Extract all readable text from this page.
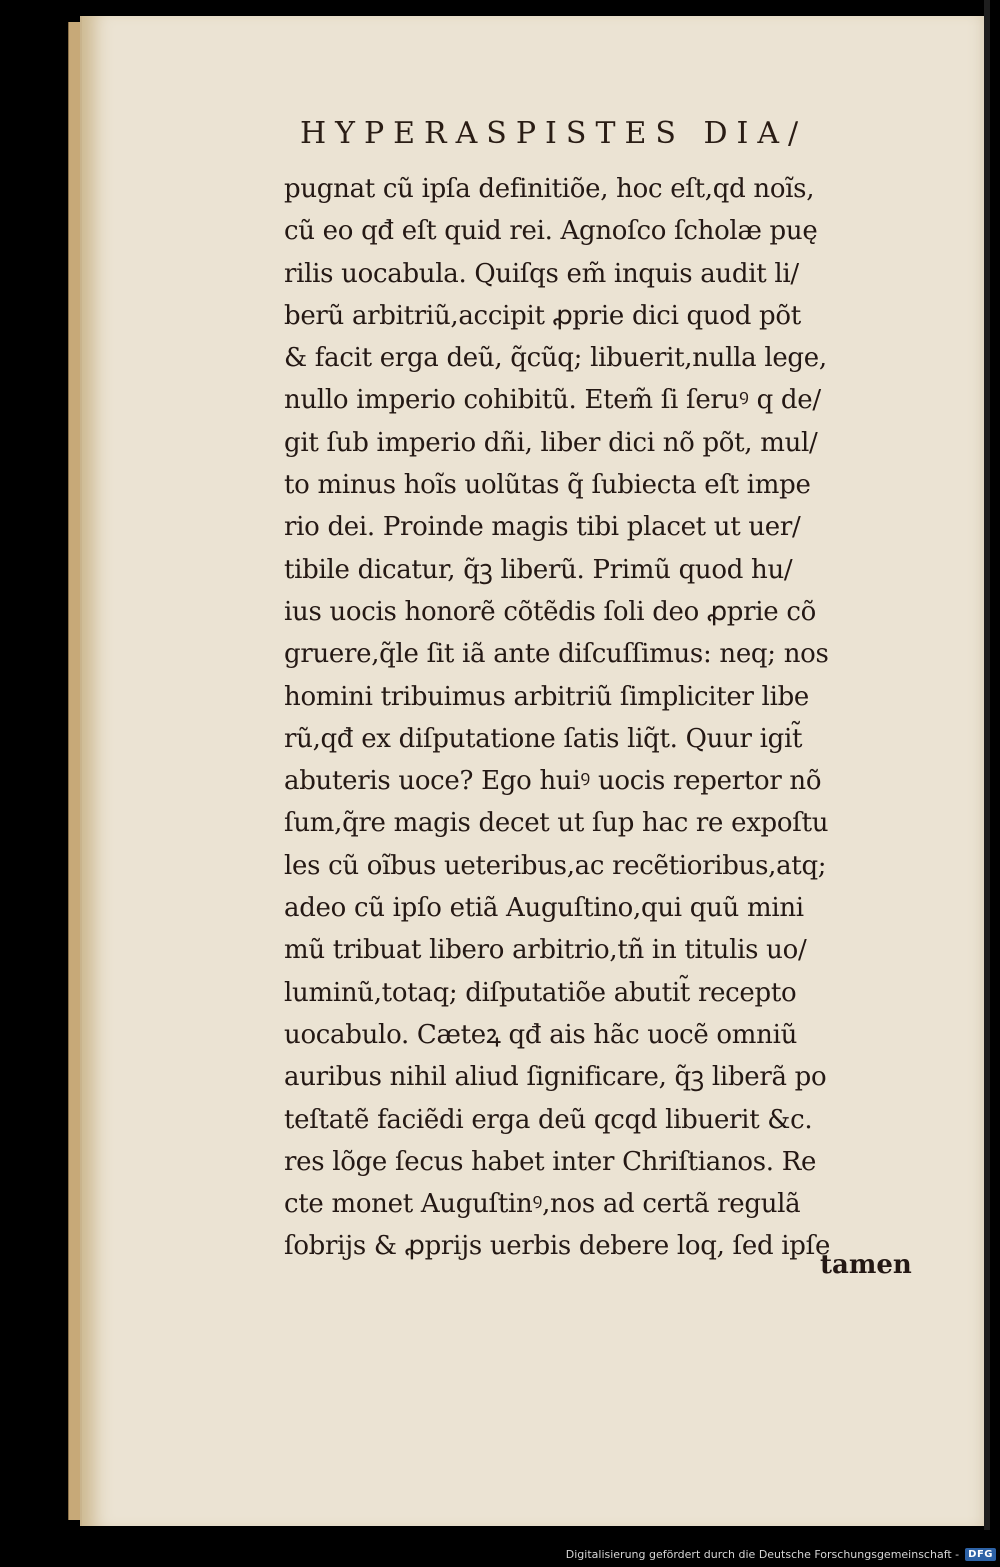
HYPERASPISTES DIA/
pugnat cũ ipſa definitiõe, hoc eſt,qd noĩs,
cũ eo qđ eſt quid rei. Agnoſco ſcholæ puę
rilis uocabula. Quiſqs em̃ inquis audit li/
berũ arbitriũ,accipit ꝓprie dici quod põt
& facit erga deũ, q̃cũq; libuerit,nulla lege,
nullo imperio cohibitũ. Etem̃ ſi ſeruꝰ q de/
git ſub imperio dñi, liber dici nõ põt, mul/
to minus hoĩs uolũtas q̃ ſubiecta eſt impe
rio dei. Proinde magis tibi placet ut uer/
tibile dicatur, q̃ꝫ liberũ. Primũ quod hu/
ius uocis honorẽ cõtẽdis ſoli deo ꝓprie cõ
gruere,q̃le ſit iã ante diſcuſſimus: neq; nos
homini tribuimus arbitriũ ſimpliciter libe
rũ,qđ ex diſputatione ſatis liq̃t. Quur igit̃
abuteris uoce? Ego huiꝰ uocis repertor nõ
ſum,q̃re magis decet ut ſup hac re expoſtu
les cũ oĩbus ueteribus,ac recẽtioribus,atq;
adeo cũ ipſo etiã Auguſtino,qui quũ mini
mũ tribuat libero arbitrio,tñ in titulis uo/
luminũ,totaq; diſputatiõe abutit̃ recepto
uocabulo. Cæteꝝ qđ ais hãc uocẽ omniũ
auribus nihil aliud ſignificare, q̃ꝫ liberã po
teſtatẽ faciẽdi erga deũ qcqd libuerit &c.
res lõge ſecus habet inter Chriſtianos. Re
cte monet Auguſtinꝰ,nos ad certã regulã
ſobrijs & ꝓprijs uerbis debere loq, ſed ipſe
tamen
Digitalisierung gefördert durch die Deutsche Forschungsgemeinschaft - DFG
